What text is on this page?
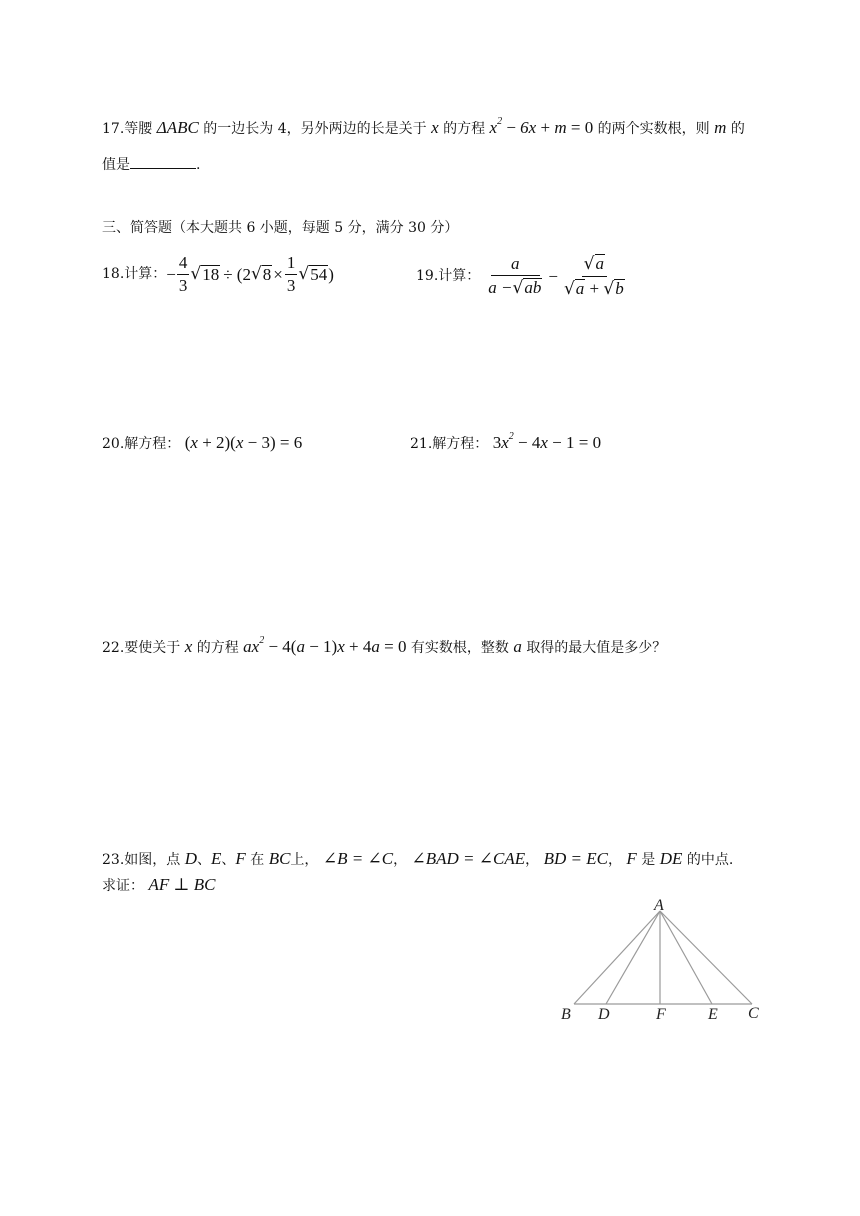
17.等腰 ΔABC 的一边长为 4，另外两边的长是关于 x 的方程 $x^2 - 6x + m = 0$ 的两个实数根，则 m 的
值是	.
三、简答题（本大题共 6 小题，每题 5 分，满分 30 分）
18. 计算： − $\frac{4}{3}$ √ 18 ÷ (2 √ $8 \times \frac{1}{3}$ √ 54 )	19. 计算： $\frac{a}{a -√ab} - \frac{√a}{√a + √b}$
20.解方程： (x + 2)(x − 3) = 6	21.解方程： $3x^2 - 4x - 1 = 0$
22.要使关于 x 的方程 $ax^2 - 4(a - 1)x + 4a = 0$ 有实数根，整数 a 取得的最大值是多少？
23.如图，点 D、E、F 在 BC上， ∠B = ∠C， ∠BAD = ∠CAE， BD = EC， F 是 DE 的中点.
求证： AF ⊥ BC
A
B D	F	E C
